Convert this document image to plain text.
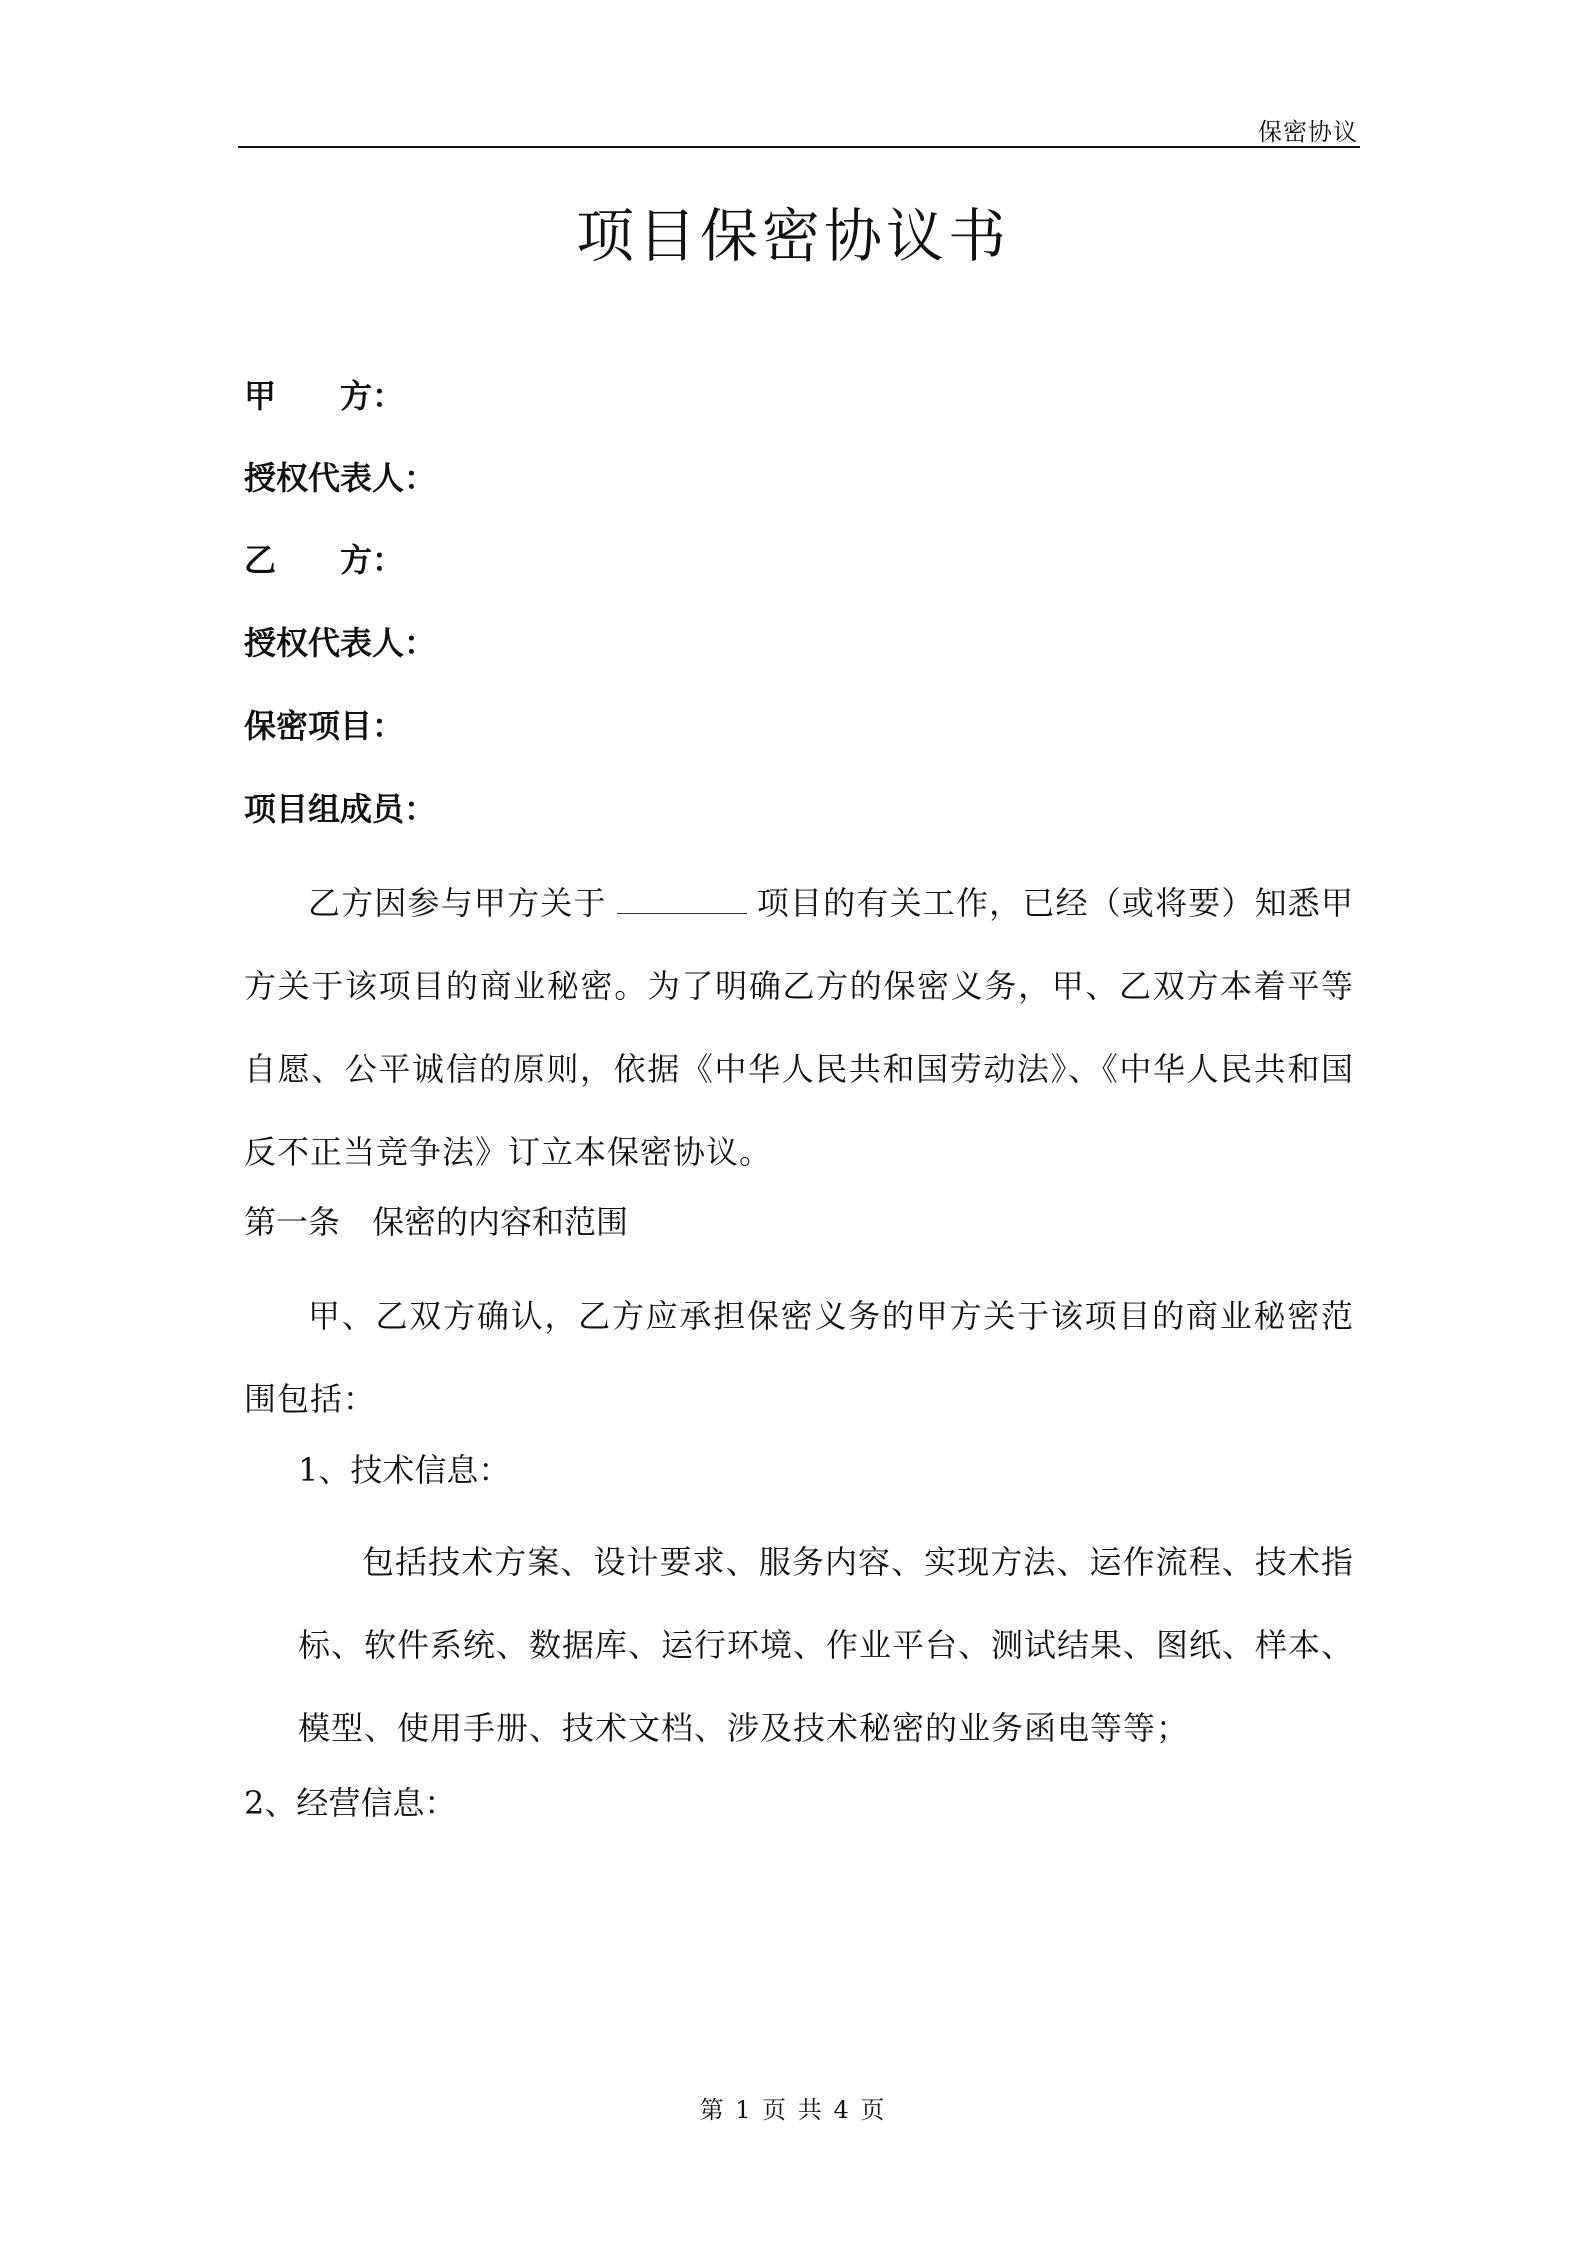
保密协议
项目保密协议书
甲　　方：
授权代表人：
乙　　方：
授权代表人：
保密项目：
项目组成员：
乙方因参与甲方关于	项目的有关工作，已经（或将要）知悉甲方关于该项目的商业秘密。为了明确乙方的保密义务，甲、乙双方本着平等自愿、公平诚信的原则，依据《中华人民共和国劳动法》、《中华人民共和国反不正当竞争法》订立本保密协议。
第一条　保密的内容和范围
甲、乙双方确认，乙方应承担保密义务的甲方关于该项目的商业秘密范围包括：
1、技术信息：
包括技术方案、设计要求、服务内容、实现方法、运作流程、技术指标、软件系统、数据库、运行环境、作业平台、测试结果、图纸、样本、模型、使用手册、技术文档、涉及技术秘密的业务函电等等；
2、经营信息：
第 1 页 共 4 页
